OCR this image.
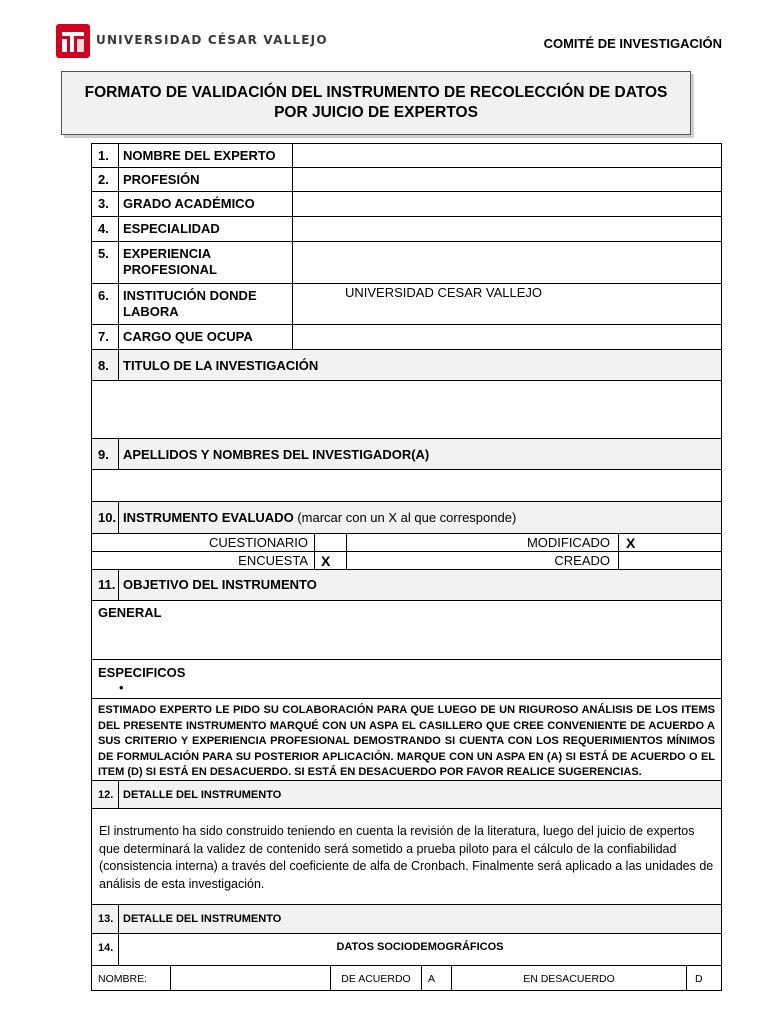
UNIVERSIDAD CÉSAR VALLEJO	COMITÉ DE INVESTIGACIÓN
FORMATO DE VALIDACIÓN DEL INSTRUMENTO DE RECOLECCIÓN DE DATOS POR JUICIO DE EXPERTOS
1.	NOMBRE DEL EXPERTO
2.	PROFESIÓN
3.	GRADO ACADÉMICO
4.	ESPECIALIDAD
5.	EXPERIENCIA PROFESIONAL
6.	INSTITUCIÓN DONDE LABORA
UNIVERSIDAD CESAR VALLEJO
7.	CARGO QUE OCUPA
8.	TITULO DE LA INVESTIGACIÓN
9.	APELLIDOS Y NOMBRES DEL INVESTIGADOR(A)
10. INSTRUMENTO EVALUADO (marcar con un X al que corresponde)
CUESTIONARIO	MODIFICADO	X
ENCUESTA X	CREADO
11. OBJETIVO DEL INSTRUMENTO
GENERAL
ESPECIFICOS
•
ESTIMADO EXPERTO LE PIDO SU COLABORACIÓN PARA QUE LUEGO DE UN RIGUROSO ANÁLISIS DE LOS ITEMS DEL PRESENTE INSTRUMENTO MARQUÉ CON UN ASPA EL CASILLERO QUE CREE CONVENIENTE DE ACUERDO A SUS CRITERIO Y EXPERIENCIA PROFESIONAL DEMOSTRANDO SI CUENTA CON LOS REQUERIMIENTOS MÍNIMOS DE FORMULACIÓN PARA SU POSTERIOR APLICACIÓN. MARQUE CON UN ASPA EN (A) SI ESTÁ DE ACUERDO O EL ITEM (D) SI ESTÁ EN DESACUERDO. SI ESTÁ EN DESACUERDO POR FAVOR REALICE SUGERENCIAS.
12. DETALLE DEL INSTRUMENTO
El instrumento ha sido construido teniendo en cuenta la revisión de la literatura, luego del juicio de expertos que determinará la validez de contenido será sometido a prueba piloto para el cálculo de la confiabilidad (consistencia interna) a través del coeficiente de alfa de Cronbach. Finalmente será aplicado a las unidades de análisis de esta investigación.
13. DETALLE DEL INSTRUMENTO
14.	DATOS SOCIODEMOGRÁFICOS
NOMBRE:	DE ACUERDO	A	EN DESACUERDO	D
